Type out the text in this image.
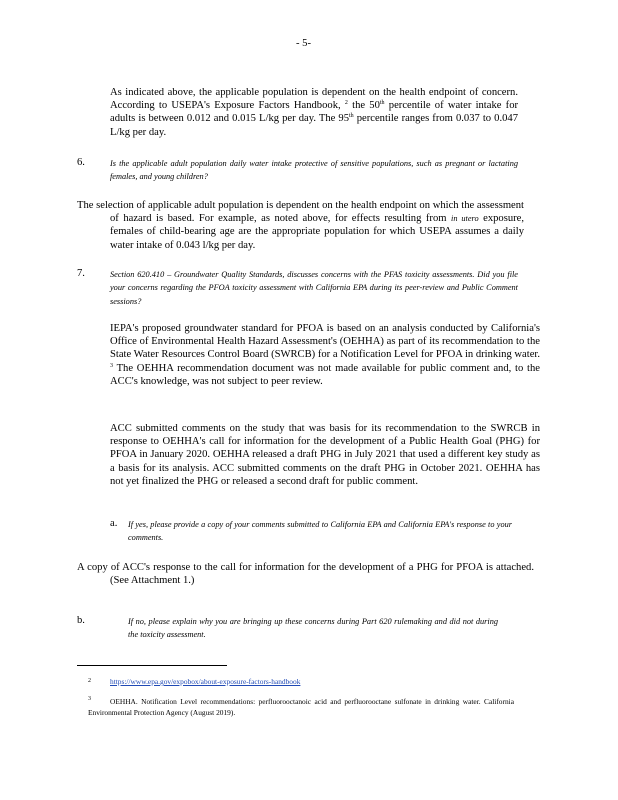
- 5-
As indicated above, the applicable population is dependent on the health endpoint of concern. According to USEPA's Exposure Factors Handbook, $^2$ the 50th percentile of water intake for adults is between 0.012 and 0.015 L/kg per day. The 95th percentile ranges from 0.037 to 0.047 L/kg per day.
6.	Is the applicable adult population daily water intake protective of sensitive populations, such as pregnant or lactating females, and young children?
The selection of applicable adult population is dependent on the health endpoint on which the assessment of hazard is based. For example, as noted above, for effects resulting from in utero exposure, females of child-bearing age are the appropriate population for which USEPA assumes a daily water intake of 0.043 l/kg per day.
7.	Section 620.410 – Groundwater Quality Standards, discusses concerns with the PFAS toxicity assessments. Did you file your concerns regarding the PFOA toxicity assessment with California EPA during its peer-review and Public Comment sessions?
IEPA's proposed groundwater standard for PFOA is based on an analysis conducted by California's Office of Environmental Health Hazard Assessment's (OEHHA) as part of its recommendation to the State Water Resources Control Board (SWRCB) for a Notification Level for PFOA in drinking water. $^3$ The OEHHA recommendation document was not made available for public comment and, to the ACC's knowledge, was not subject to peer review.
ACC submitted comments on the study that was basis for its recommendation to the SWRCB in response to OEHHA's call for information for the development of a Public Health Goal (PHG) for PFOA in January 2020. OEHHA released a draft PHG in July 2021 that used a different key study as a basis for its analysis. ACC submitted comments on the draft PHG in October 2021. OEHHA has not yet finalized the PHG or released a second draft for public comment.
a. If yes, please provide a copy of your comments submitted to California EPA and California EPA's response to your comments.
A copy of ACC's response to the call for information for the development of a PHG for PFOA is attached. (See Attachment 1.)
b.	If no, please explain why you are bringing up these concerns during Part 620 rulemaking and did not during the toxicity assessment.
2	https://www.epa.gov/expobox/about-exposure-factors-handbook
3	OEHHA. Notification Level recommendations: perfluorooctanoic acid and perfluorooctane sulfonate in drinking water. California Environmental Protection Agency (August 2019).
